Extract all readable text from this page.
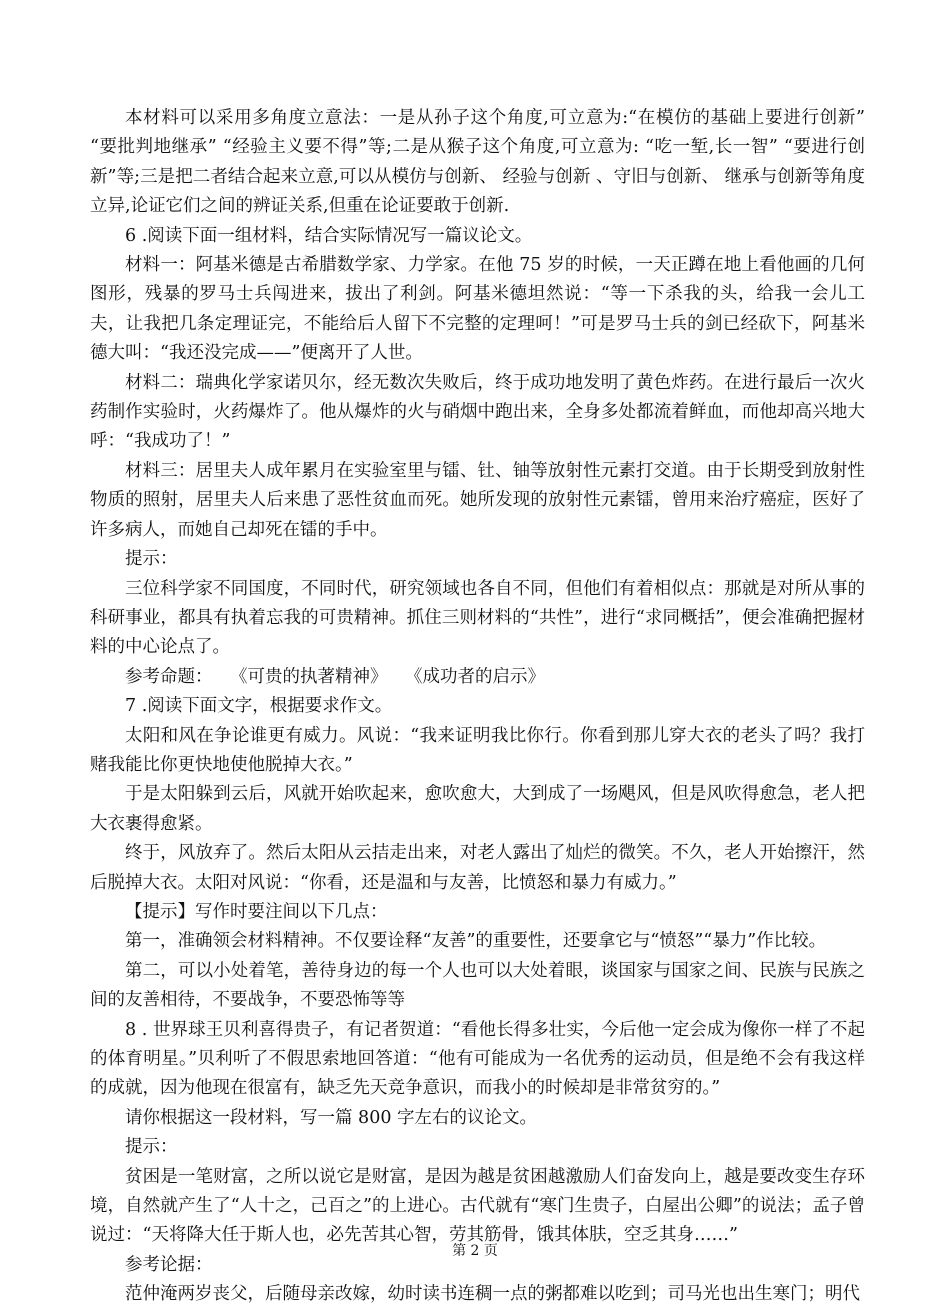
本材料可以采用多角度立意法：一是从孙子这个角度,可立意为:“在模仿的基础上要进行创新” “要批判地继承” “经验主义要不得”等;二是从猴子这个角度,可立意为: “吃一堑,长一智” “要进行创新”等;三是把二者结合起来立意,可以从模仿与创新、 经验与创新 、守旧与创新、 继承与创新等角度立异,论证它们之间的辨证关系,但重在论证要敢于创新.

6 .阅读下面一组材料，结合实际情况写一篇议论文。

材料一：阿基米德是古希腊数学家、力学家。在他 75 岁的时候，一天正蹲在地上看他画的几何图形，残暴的罗马士兵闯进来，拔出了利剑。阿基米德坦然说：“等一下杀我的头，给我一会儿工夫，让我把几条定理证完，不能给后人留下不完整的定理呵！”可是罗马士兵的剑已经砍下，阿基米德大叫：“我还没完成——”便离开了人世。

材料二：瑞典化学家诺贝尔，经无数次失败后，终于成功地发明了黄色炸药。在进行最后一次火药制作实验时，火药爆炸了。他从爆炸的火与硝烟中跑出来，全身多处都流着鲜血，而他却高兴地大呼：“我成功了！”

材料三：居里夫人成年累月在实验室里与镭、钍、铀等放射性元素打交道。由于长期受到放射性物质的照射，居里夫人后来患了恶性贫血而死。她所发现的放射性元素镭，曾用来治疗癌症，医好了许多病人，而她自己却死在镭的手中。

提示：

三位科学家不同国度，不同时代，研究领域也各自不同，但他们有着相似点：那就是对所从事的科研事业，都具有执着忘我的可贵精神。抓住三则材料的“共性”，进行“求同概括”，便会准确把握材料的中心论点了。

参考命题：　　《可贵的执著精神》　　《成功者的启示》

7 .阅读下面文字，根据要求作文。

太阳和风在争论谁更有威力。风说：“我来证明我比你行。你看到那儿穿大衣的老头了吗？我打赌我能比你更快地使他脱掉大衣。”

于是太阳躲到云后，风就开始吹起来，愈吹愈大，大到成了一场飓风，但是风吹得愈急，老人把大衣裹得愈紧。

终于，风放弃了。然后太阳从云拮走出来，对老人露出了灿烂的微笑。不久，老人开始擦汗，然后脱掉大衣。太阳对风说：“你看，还是温和与友善，比愤怒和暴力有威力。”

【提示】写作时要注间以下几点：

第一，准确领会材料精神。不仅要诠释“友善”的重要性，还要拿它与“愤怒”“暴力”作比较。

第二，可以小处着笔，善待身边的每一个人也可以大处着眼，谈国家与国家之间、民族与民族之间的友善相待，不要战争，不要恐怖等等

8 . 世界球王贝利喜得贵子，有记者贺道：“看他长得多壮实，今后他一定会成为像你一样了不起的体育明星。”贝利听了不假思索地回答道：“他有可能成为一名优秀的运动员，但是绝不会有我这样的成就，因为他现在很富有，缺乏先天竞争意识，而我小的时候却是非常贫穷的。”

请你根据这一段材料，写一篇 800 字左右的议论文。

提示：

贫困是一笔财富，之所以说它是财富，是因为越是贫困越激励人们奋发向上，越是要改变生存环境，自然就产生了“人十之，己百之”的上进心。古代就有“寒门生贵子，白屋出公卿”的说法；孟子曾说过：“天将降大任于斯人也，必先苦其心智，劳其筋骨，饿其体肤，空乏其身……”

参考论据：

范仲淹两岁丧父，后随母亲改嫁，幼时读书连稠一点的粥都难以吃到；司马光也出生寒门；明代

第 2 页
